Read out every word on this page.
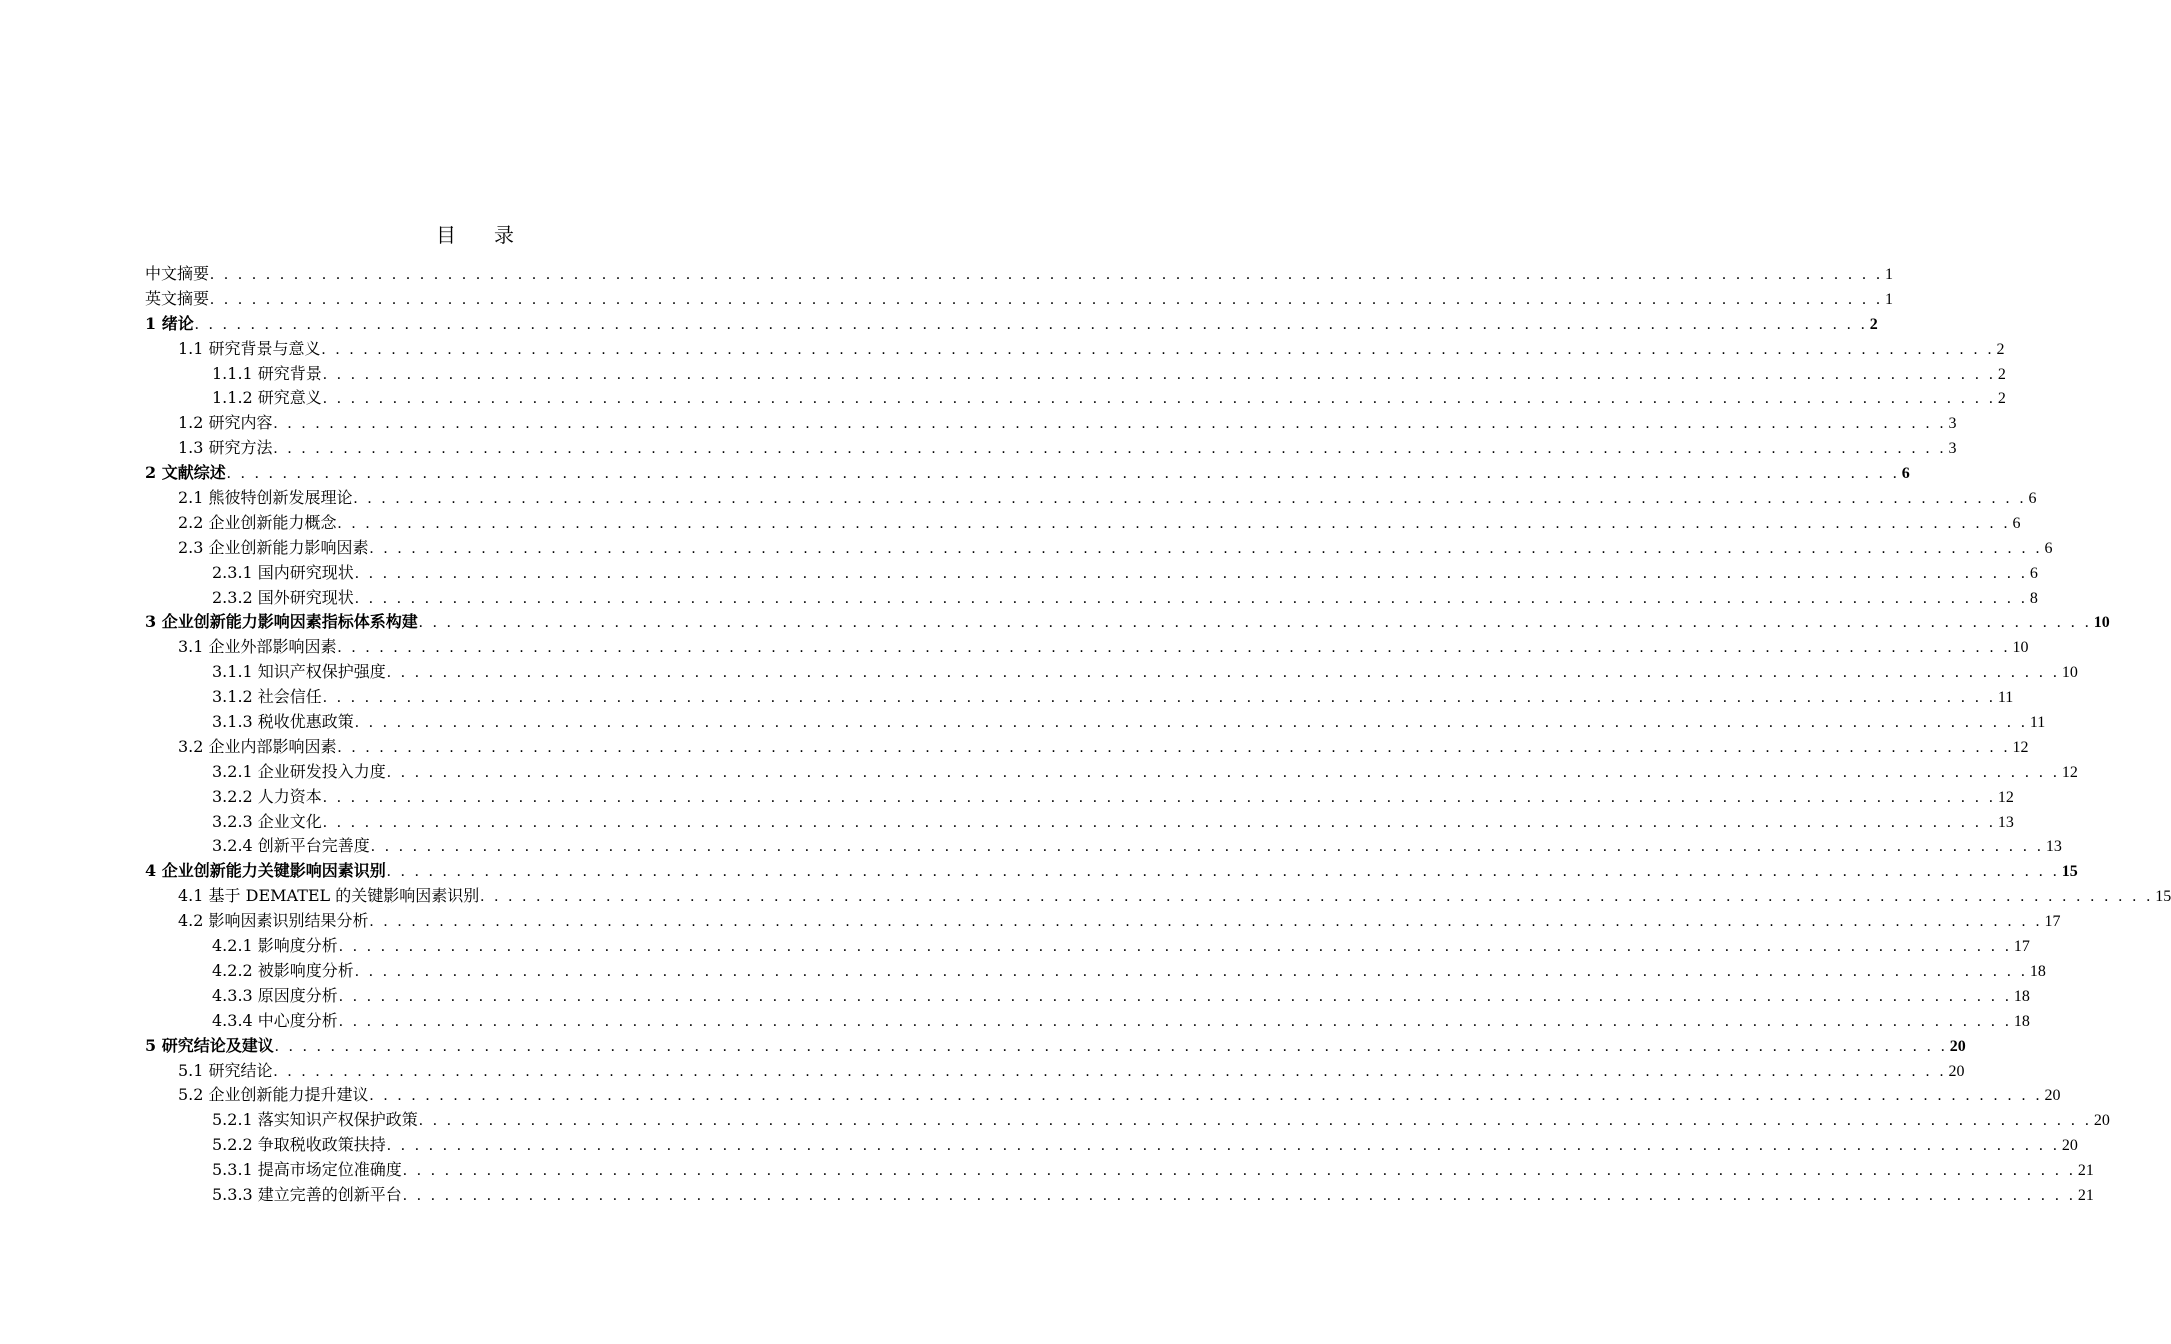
目 录
中文摘要 . . . . . . . . . . . . . . . . . . . . . . . . . . . . . . . . . . . . . . . . . . . . . . . . . . . . . . . . . . . . . . . . . . . . . . . . . . . . . . . . . . . . . . . . . . . . . . . . . . . . . . . . . . . . . . . . . . . . . . . . 1
英文摘要 . . . . . . . . . . . . . . . . . . . . . . . . . . . . . . . . . . . . . . . . . . . . . . . . . . . . . . . . . . . . . . . . . . . . . . . . . . . . . . . . . . . . . . . . . . . . . . . . . . . . . . . . . . . . . . . . . . . . . . . . 1
1 绪论 . . . . . . . . . . . . . . . . . . . . . . . . . . . . . . . . . . . . . . . . . . . . . . . . . . . . . . . . . . . . . . . . . . . . . . . . . . . . . . . . . . . . . . . . . . . . . . . . . . . . . . . . . . . . . . . . . . . . . . . . 2
1.1 研究背景与意义 . . . . . . . . . . . . . . . . . . . . . . . . . . . . . . . . . . . . . . . . . . . . . . . . . . . . . . . . . . . . . . . . . . . . . . . . . . . . . . . . . . . . . . . . . . . . . . . . . . . . . . . . . . . . . . . . . . . . . . . . 2
1.1.1 研究背景 . . . . . . . . . . . . . . . . . . . . . . . . . . . . . . . . . . . . . . . . . . . . . . . . . . . . . . . . . . . . . . . . . . . . . . . . . . . . . . . . . . . . . . . . . . . . . . . . . . . . . . . . . . . . . . . . . . . . . . . . 2
1.1.2 研究意义 . . . . . . . . . . . . . . . . . . . . . . . . . . . . . . . . . . . . . . . . . . . . . . . . . . . . . . . . . . . . . . . . . . . . . . . . . . . . . . . . . . . . . . . . . . . . . . . . . . . . . . . . . . . . . . . . . . . . . . . . 2
1.2 研究内容 . . . . . . . . . . . . . . . . . . . . . . . . . . . . . . . . . . . . . . . . . . . . . . . . . . . . . . . . . . . . . . . . . . . . . . . . . . . . . . . . . . . . . . . . . . . . . . . . . . . . . . . . . . . . . . . . . . . . . . . . 3
1.3 研究方法 . . . . . . . . . . . . . . . . . . . . . . . . . . . . . . . . . . . . . . . . . . . . . . . . . . . . . . . . . . . . . . . . . . . . . . . . . . . . . . . . . . . . . . . . . . . . . . . . . . . . . . . . . . . . . . . . . . . . . . . . 3
2 文献综述 . . . . . . . . . . . . . . . . . . . . . . . . . . . . . . . . . . . . . . . . . . . . . . . . . . . . . . . . . . . . . . . . . . . . . . . . . . . . . . . . . . . . . . . . . . . . . . . . . . . . . . . . . . . . . . . . . . . . . . . . 6
2.1 熊彼特创新发展理论 . . . . . . . . . . . . . . . . . . . . . . . . . . . . . . . . . . . . . . . . . . . . . . . . . . . . . . . . . . . . . . . . . . . . . . . . . . . . . . . . . . . . . . . . . . . . . . . . . . . . . . . . . . . . . . . . . . . . . . . . 6
2.2 企业创新能力概念 . . . . . . . . . . . . . . . . . . . . . . . . . . . . . . . . . . . . . . . . . . . . . . . . . . . . . . . . . . . . . . . . . . . . . . . . . . . . . . . . . . . . . . . . . . . . . . . . . . . . . . . . . . . . . . . . . . . . . . . . 6
2.3 企业创新能力影响因素 . . . . . . . . . . . . . . . . . . . . . . . . . . . . . . . . . . . . . . . . . . . . . . . . . . . . . . . . . . . . . . . . . . . . . . . . . . . . . . . . . . . . . . . . . . . . . . . . . . . . . . . . . . . . . . . . . . . . . . . . 6
2.3.1 国内研究现状 . . . . . . . . . . . . . . . . . . . . . . . . . . . . . . . . . . . . . . . . . . . . . . . . . . . . . . . . . . . . . . . . . . . . . . . . . . . . . . . . . . . . . . . . . . . . . . . . . . . . . . . . . . . . . . . . . . . . . . . . 6
2.3.2 国外研究现状 . . . . . . . . . . . . . . . . . . . . . . . . . . . . . . . . . . . . . . . . . . . . . . . . . . . . . . . . . . . . . . . . . . . . . . . . . . . . . . . . . . . . . . . . . . . . . . . . . . . . . . . . . . . . . . . . . . . . . . . . 8
3 企业创新能力影响因素指标体系构建 . . . . . . . . . . . . . . . . . . . . . . . . . . . . . . . . . . . . . . . . . . . . . . . . . . . . . . . . . . . . . . . . . . . . . . . . . . . . . . . . . . . . . . . . . . . . . . . . . . . . . . . . . . . . . . . . . . . . . . . . 10
3.1 企业外部影响因素 . . . . . . . . . . . . . . . . . . . . . . . . . . . . . . . . . . . . . . . . . . . . . . . . . . . . . . . . . . . . . . . . . . . . . . . . . . . . . . . . . . . . . . . . . . . . . . . . . . . . . . . . . . . . . . . . . . . . . . . . 10
3.1.1 知识产权保护强度 . . . . . . . . . . . . . . . . . . . . . . . . . . . . . . . . . . . . . . . . . . . . . . . . . . . . . . . . . . . . . . . . . . . . . . . . . . . . . . . . . . . . . . . . . . . . . . . . . . . . . . . . . . . . . . . . . . . . . . . . 10
3.1.2 社会信任 . . . . . . . . . . . . . . . . . . . . . . . . . . . . . . . . . . . . . . . . . . . . . . . . . . . . . . . . . . . . . . . . . . . . . . . . . . . . . . . . . . . . . . . . . . . . . . . . . . . . . . . . . . . . . . . . . . . . . . . . 11
3.1.3 税收优惠政策 . . . . . . . . . . . . . . . . . . . . . . . . . . . . . . . . . . . . . . . . . . . . . . . . . . . . . . . . . . . . . . . . . . . . . . . . . . . . . . . . . . . . . . . . . . . . . . . . . . . . . . . . . . . . . . . . . . . . . . . . 11
3.2 企业内部影响因素 . . . . . . . . . . . . . . . . . . . . . . . . . . . . . . . . . . . . . . . . . . . . . . . . . . . . . . . . . . . . . . . . . . . . . . . . . . . . . . . . . . . . . . . . . . . . . . . . . . . . . . . . . . . . . . . . . . . . . . . . 12
3.2.1 企业研发投入力度 . . . . . . . . . . . . . . . . . . . . . . . . . . . . . . . . . . . . . . . . . . . . . . . . . . . . . . . . . . . . . . . . . . . . . . . . . . . . . . . . . . . . . . . . . . . . . . . . . . . . . . . . . . . . . . . . . . . . . . . . 12
3.2.2 人力资本 . . . . . . . . . . . . . . . . . . . . . . . . . . . . . . . . . . . . . . . . . . . . . . . . . . . . . . . . . . . . . . . . . . . . . . . . . . . . . . . . . . . . . . . . . . . . . . . . . . . . . . . . . . . . . . . . . . . . . . . . 12
3.2.3 企业文化 . . . . . . . . . . . . . . . . . . . . . . . . . . . . . . . . . . . . . . . . . . . . . . . . . . . . . . . . . . . . . . . . . . . . . . . . . . . . . . . . . . . . . . . . . . . . . . . . . . . . . . . . . . . . . . . . . . . . . . . . 13
3.2.4 创新平台完善度 . . . . . . . . . . . . . . . . . . . . . . . . . . . . . . . . . . . . . . . . . . . . . . . . . . . . . . . . . . . . . . . . . . . . . . . . . . . . . . . . . . . . . . . . . . . . . . . . . . . . . . . . . . . . . . . . . . . . . . . . 13
4 企业创新能力关键影响因素识别 . . . . . . . . . . . . . . . . . . . . . . . . . . . . . . . . . . . . . . . . . . . . . . . . . . . . . . . . . . . . . . . . . . . . . . . . . . . . . . . . . . . . . . . . . . . . . . . . . . . . . . . . . . . . . . . . . . . . . . . . 15
4.1 基于 DEMATEL 的关键影响因素识别 . . . . . . . . . . . . . . . . . . . . . . . . . . . . . . . . . . . . . . . . . . . . . . . . . . . . . . . . . . . . . . . . . . . . . . . . . . . . . . . . . . . . . . . . . . . . . . . . . . . . . . . . . . . . . . . . . . . . . . . . 15
4.2 影响因素识别结果分析 . . . . . . . . . . . . . . . . . . . . . . . . . . . . . . . . . . . . . . . . . . . . . . . . . . . . . . . . . . . . . . . . . . . . . . . . . . . . . . . . . . . . . . . . . . . . . . . . . . . . . . . . . . . . . . . . . . . . . . . . 17
4.2.1 影响度分析 . . . . . . . . . . . . . . . . . . . . . . . . . . . . . . . . . . . . . . . . . . . . . . . . . . . . . . . . . . . . . . . . . . . . . . . . . . . . . . . . . . . . . . . . . . . . . . . . . . . . . . . . . . . . . . . . . . . . . . . . 17
4.2.2 被影响度分析 . . . . . . . . . . . . . . . . . . . . . . . . . . . . . . . . . . . . . . . . . . . . . . . . . . . . . . . . . . . . . . . . . . . . . . . . . . . . . . . . . . . . . . . . . . . . . . . . . . . . . . . . . . . . . . . . . . . . . . . . 18
4.3.3 原因度分析 . . . . . . . . . . . . . . . . . . . . . . . . . . . . . . . . . . . . . . . . . . . . . . . . . . . . . . . . . . . . . . . . . . . . . . . . . . . . . . . . . . . . . . . . . . . . . . . . . . . . . . . . . . . . . . . . . . . . . . . . 18
4.3.4 中心度分析 . . . . . . . . . . . . . . . . . . . . . . . . . . . . . . . . . . . . . . . . . . . . . . . . . . . . . . . . . . . . . . . . . . . . . . . . . . . . . . . . . . . . . . . . . . . . . . . . . . . . . . . . . . . . . . . . . . . . . . . . 18
5 研究结论及建议 . . . . . . . . . . . . . . . . . . . . . . . . . . . . . . . . . . . . . . . . . . . . . . . . . . . . . . . . . . . . . . . . . . . . . . . . . . . . . . . . . . . . . . . . . . . . . . . . . . . . . . . . . . . . . . . . . . . . . . . . 20
5.1 研究结论 . . . . . . . . . . . . . . . . . . . . . . . . . . . . . . . . . . . . . . . . . . . . . . . . . . . . . . . . . . . . . . . . . . . . . . . . . . . . . . . . . . . . . . . . . . . . . . . . . . . . . . . . . . . . . . . . . . . . . . . . 20
5.2 企业创新能力提升建议 . . . . . . . . . . . . . . . . . . . . . . . . . . . . . . . . . . . . . . . . . . . . . . . . . . . . . . . . . . . . . . . . . . . . . . . . . . . . . . . . . . . . . . . . . . . . . . . . . . . . . . . . . . . . . . . . . . . . . . . . 20
5.2.1 落实知识产权保护政策 . . . . . . . . . . . . . . . . . . . . . . . . . . . . . . . . . . . . . . . . . . . . . . . . . . . . . . . . . . . . . . . . . . . . . . . . . . . . . . . . . . . . . . . . . . . . . . . . . . . . . . . . . . . . . . . . . . . . . . . . 20
5.2.2 争取税收政策扶持 . . . . . . . . . . . . . . . . . . . . . . . . . . . . . . . . . . . . . . . . . . . . . . . . . . . . . . . . . . . . . . . . . . . . . . . . . . . . . . . . . . . . . . . . . . . . . . . . . . . . . . . . . . . . . . . . . . . . . . . . 20
5.3.1 提高市场定位准确度 . . . . . . . . . . . . . . . . . . . . . . . . . . . . . . . . . . . . . . . . . . . . . . . . . . . . . . . . . . . . . . . . . . . . . . . . . . . . . . . . . . . . . . . . . . . . . . . . . . . . . . . . . . . . . . . . . . . . . . . . 21
5.3.3 建立完善的创新平台 . . . . . . . . . . . . . . . . . . . . . . . . . . . . . . . . . . . . . . . . . . . . . . . . . . . . . . . . . . . . . . . . . . . . . . . . . . . . . . . . . . . . . . . . . . . . . . . . . . . . . . . . . . . . . . . . . . . . . . . . 21
